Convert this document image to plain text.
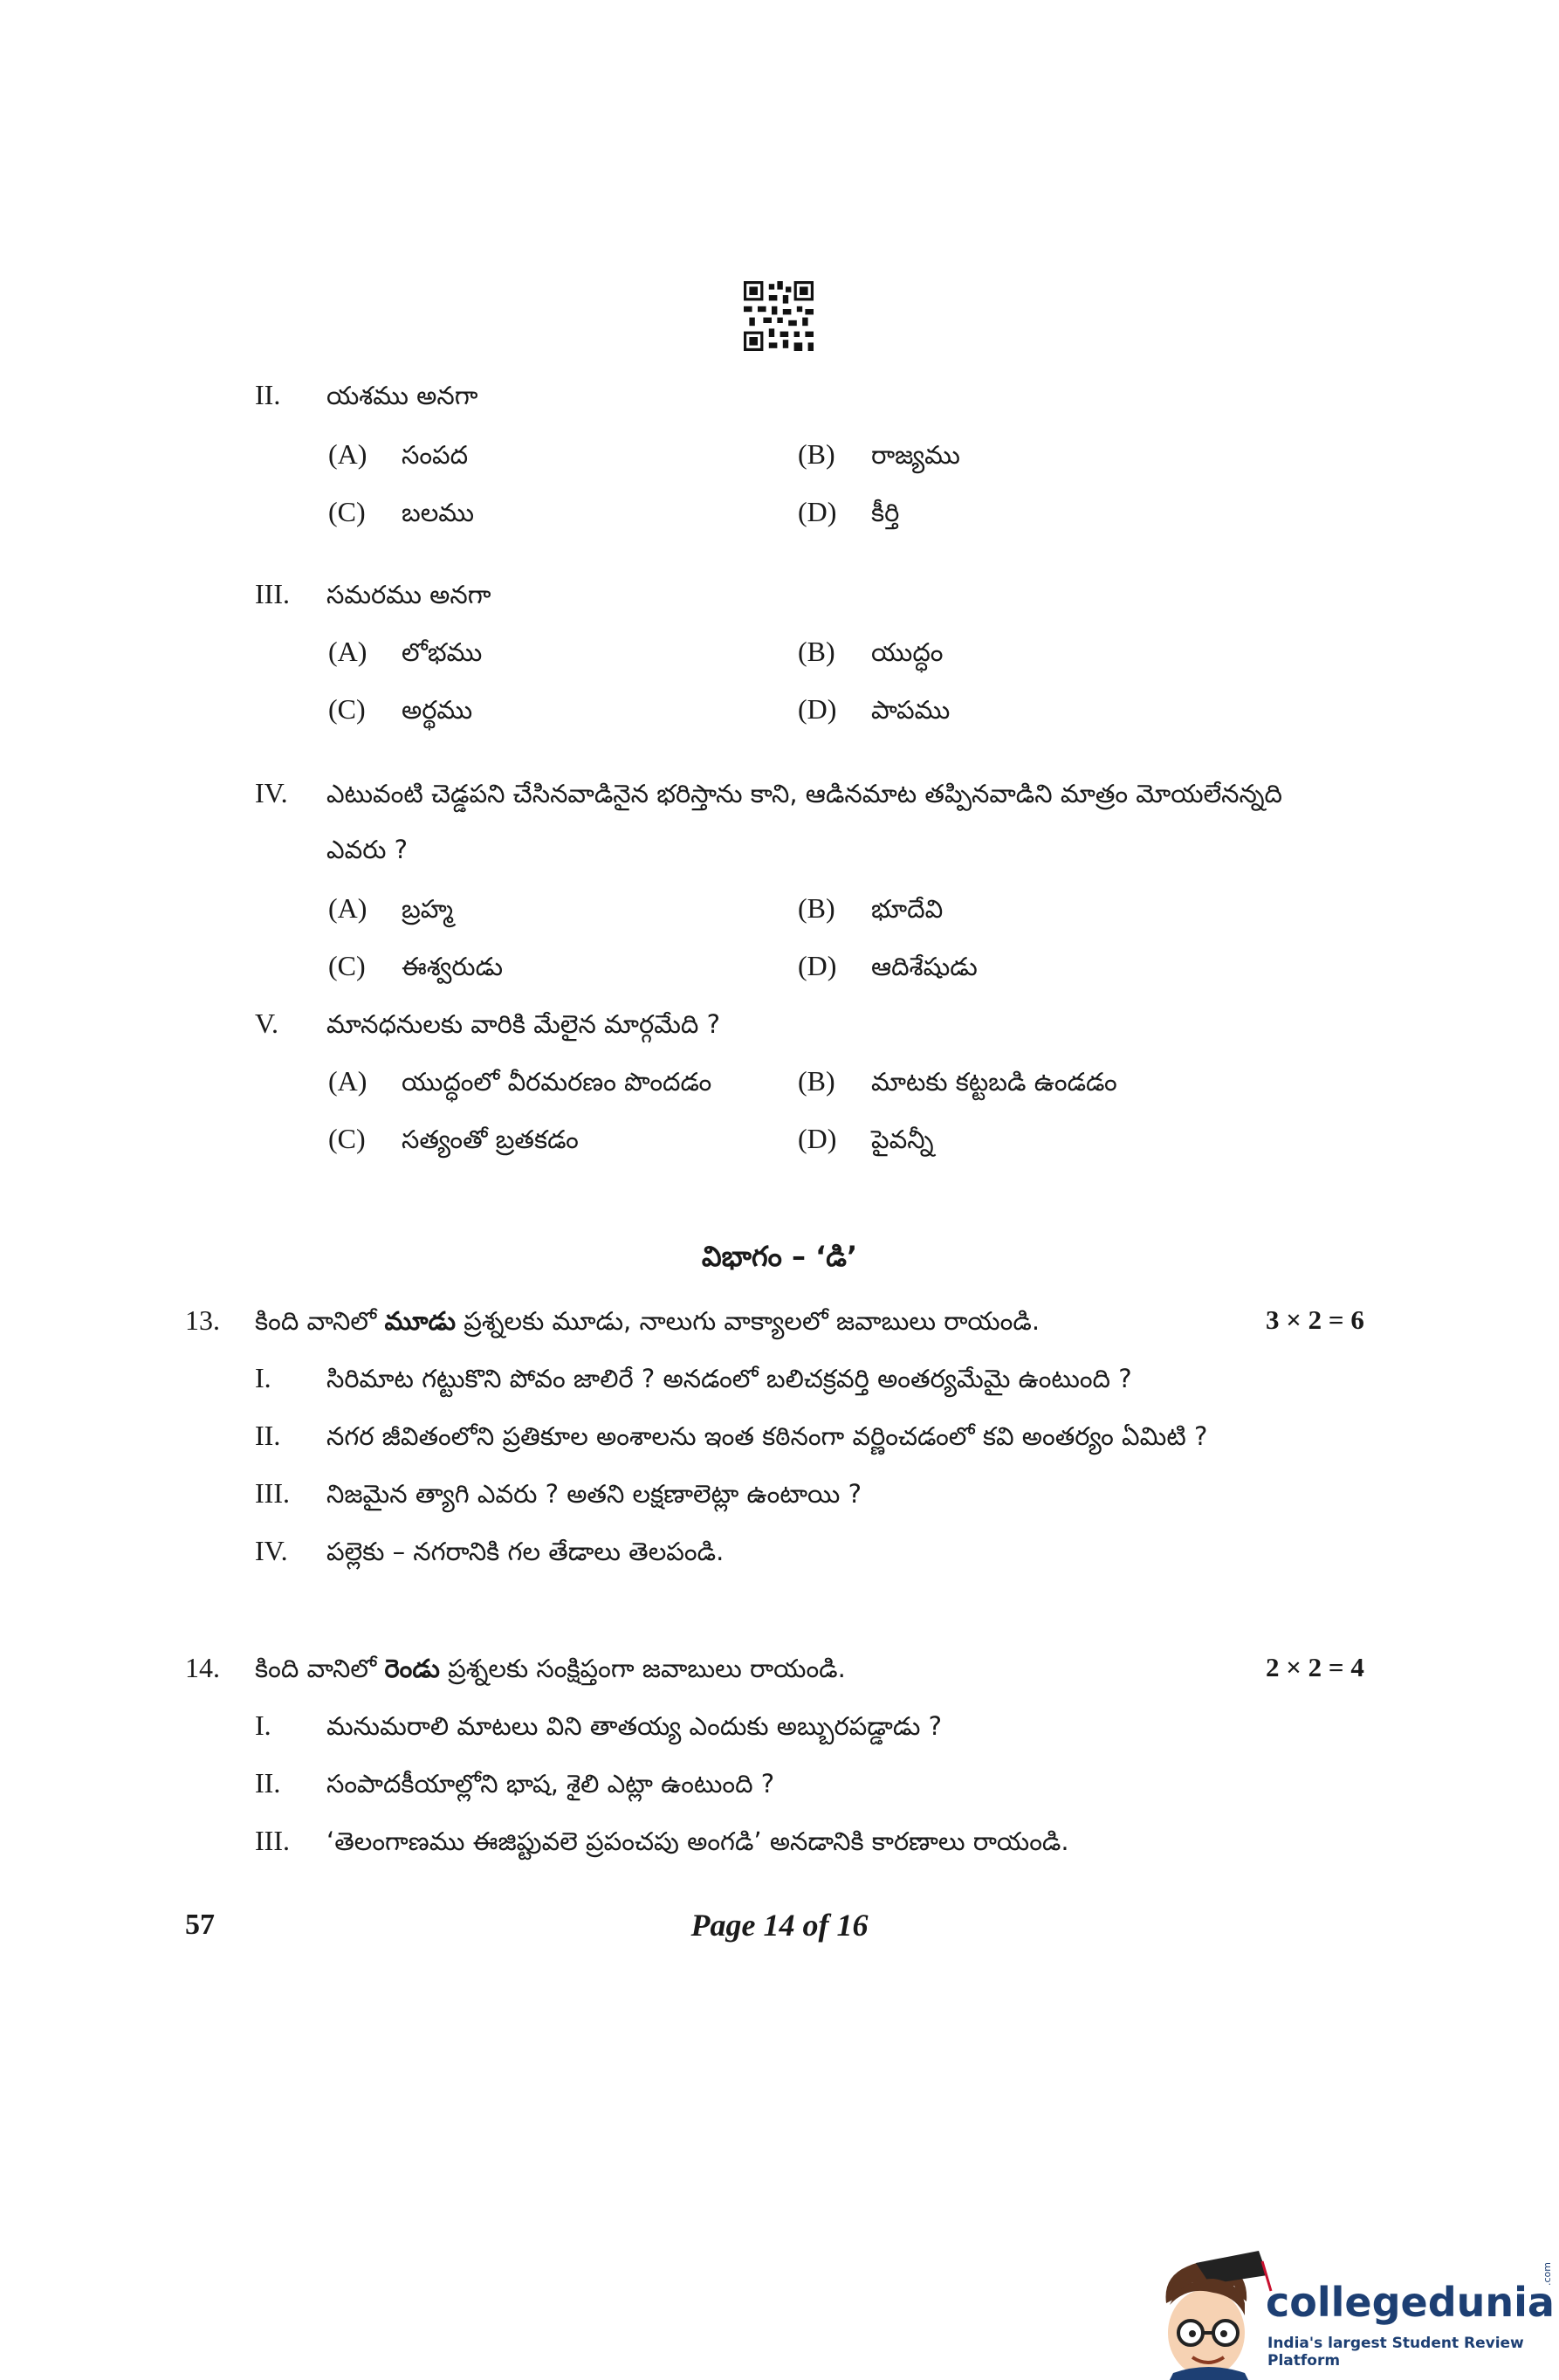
II. యశము అనగా
(A) సంపద	(B) రాజ్యము
(C) బలము	(D) కీర్తి
III. సమరము అనగా
(A) లోభము	(B) యుద్ధం
(C) అర్థము	(D) పాపము
IV. ఎటువంటి చెడ్డపని చేసినవాడినైన భరిస్తాను కాని, ఆడినమాట తప్పినవాడిని మాత్రం మోయలేనన్నది
ఎవరు ?
(A) బ్రహ్మ	(B) భూదేవి
(C) ఈశ్వరుడు	(D) ఆదిశేషుడు
V. మానధనులకు వారికి మేలైన మార్గమేది ?
(A) యుద్ధంలో వీరమరణం పొందడం	(B) మాటకు కట్టబడి ఉండడం
(C) సత్యంతో బ్రతకడం	(D) పైవన్నీ
విభాగం – ‘డి’
13. కింది వానిలో మూడు ప్రశ్నలకు మూడు, నాలుగు వాక్యాలలో జవాబులు రాయండి.	3 × 2 = 6
I. సిరిమాట గట్టుకొని పోవం జాలిరే ? అనడంలో బలిచక్రవర్తి అంతర్యమేమై ఉంటుంది ?
II. నగర జీవితంలోని ప్రతికూల అంశాలను ఇంత కఠినంగా వర్ణించడంలో కవి అంతర్యం ఏమిటి ?
III. నిజమైన త్యాగి ఎవరు ? అతని లక్షణాలెట్లా ఉంటాయి ?
IV. పల్లెకు – నగరానికి గల తేడాలు తెలపండి.
14. కింది వానిలో రెండు ప్రశ్నలకు సంక్షిప్తంగా జవాబులు రాయండి.	2 × 2 = 4
I. మనుమరాలి మాటలు విని తాతయ్య ఎందుకు అబ్బురపడ్డాడు ?
II. సంపాదకీయాల్లోని భాష, శైలి ఎట్లా ఉంటుంది ?
III. ‘తెలంగాణము ఈజిప్టువలె ప్రపంచపు అంగడి’ అనడానికి కారణాలు రాయండి.
57	Page 14 of 16
collegedunia
India's largest Student Review Platform
.com
